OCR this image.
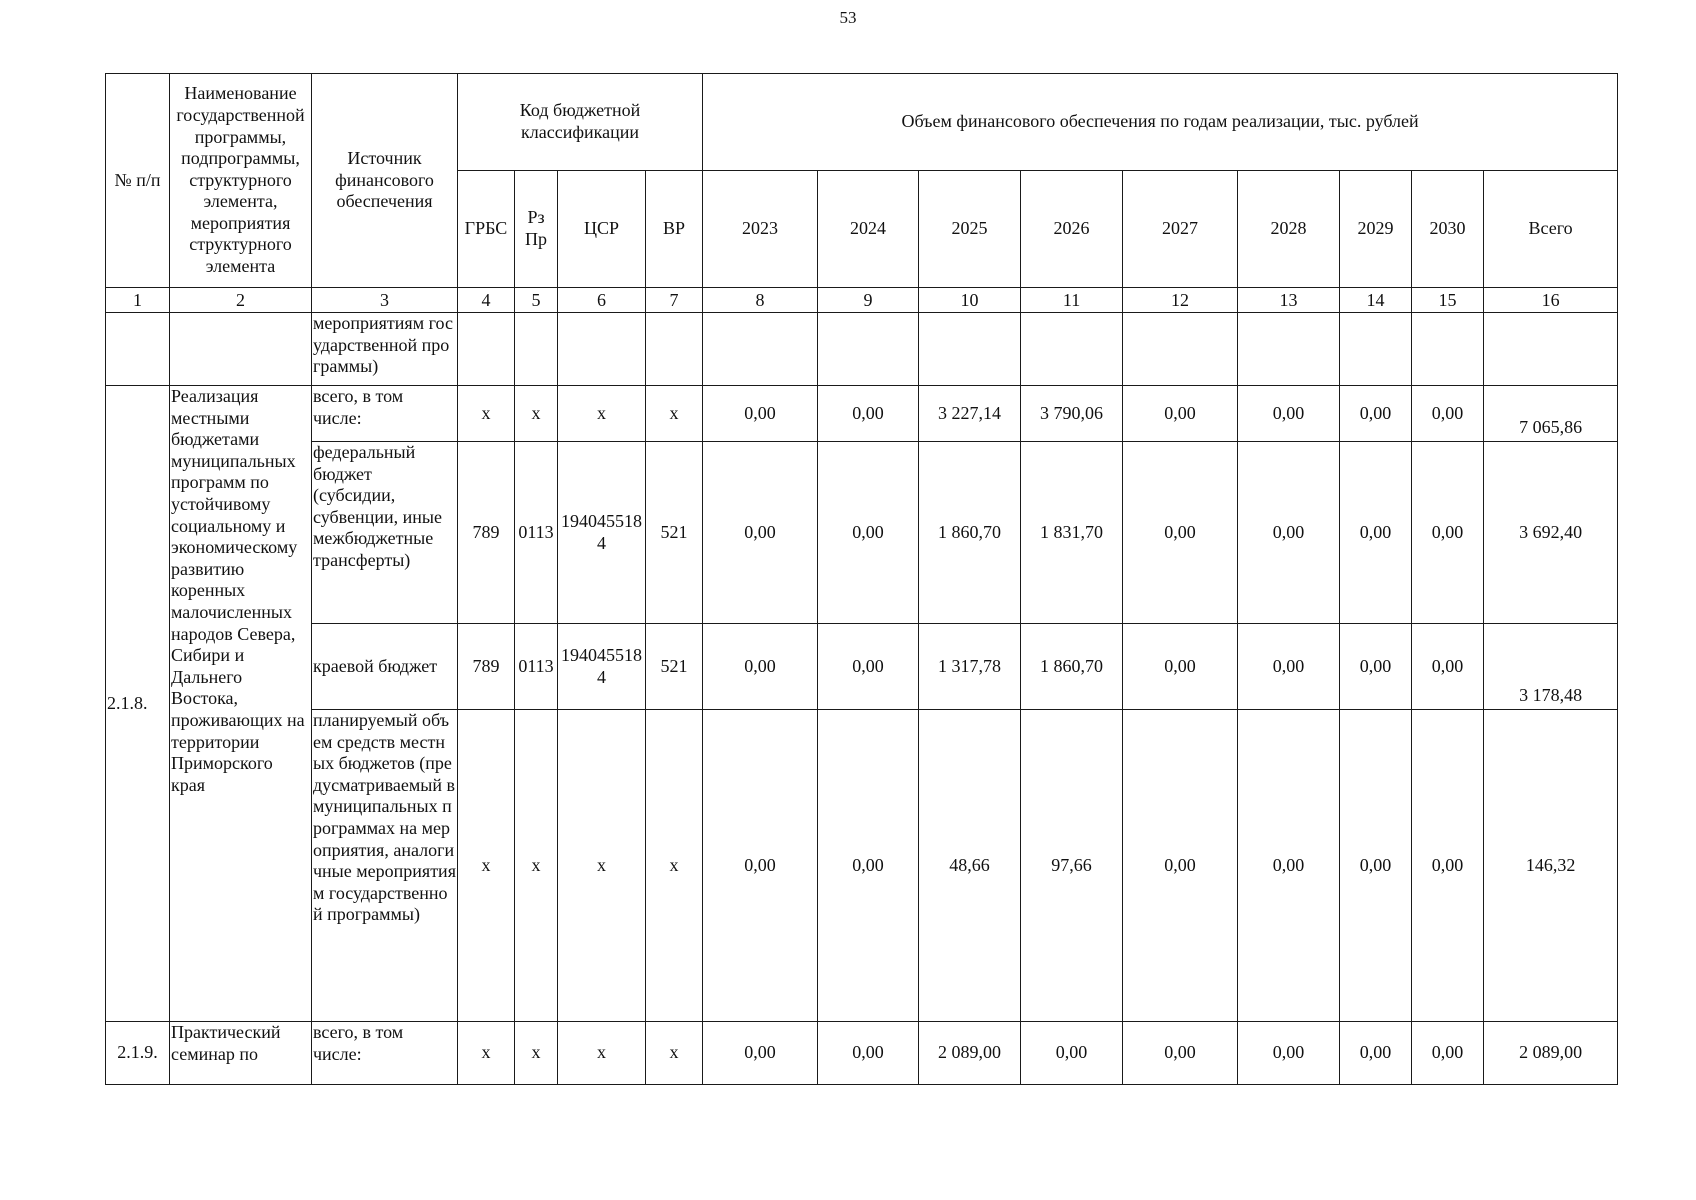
53
№ п/п	Наименование государственной программы, подпрограммы, структурного элемента, мероприятия структурного элемента	Источник финансового обеспечения	Код бюджетной классификации				Объем финансового обеспечения по годам реализации, тыс. рублей								
			ГРБС	Рз Пр	ЦСР	ВР	2023	2024	2025	2026	2027	2028	2029	2030	Всего
1	2	3	4	5	6	7	8	9	10	11	12	13	14	15	16
		мероприятиям государственной программы)													
2.1.8.	Реализация местными бюджетами муниципальных программ по устойчивому социальному и экономическому развитию коренных малочисленных народов Севера, Сибири и Дальнего Востока, проживающих на территории Приморского края	всего, в том числе:	x	x	x	x	0,00	0,00	3 227,14	3 790,06	0,00	0,00	0,00	0,00	7 065,86
		федеральный бюджет (субсидии, субвенции, иные межбюджетные трансферты)	789	0113	1940455184	521	0,00	0,00	1 860,70	1 831,70	0,00	0,00	0,00	0,00	3 692,40
		краевой бюджет	789	0113	1940455184	521	0,00	0,00	1 317,78	1 860,70	0,00	0,00	0,00	0,00	3 178,48
		планируемый объем средств местных бюджетов (предусматриваемый в муниципальных программах на мероприятия, аналогичные мероприятиям государственной программы)	x	x	x	x	0,00	0,00	48,66	97,66	0,00	0,00	0,00	0,00	146,32
2.1.9.	Практический семинар по	всего, в том числе:	x	x	x	x	0,00	0,00	2 089,00	0,00	0,00	0,00	0,00	0,00	2 089,00
